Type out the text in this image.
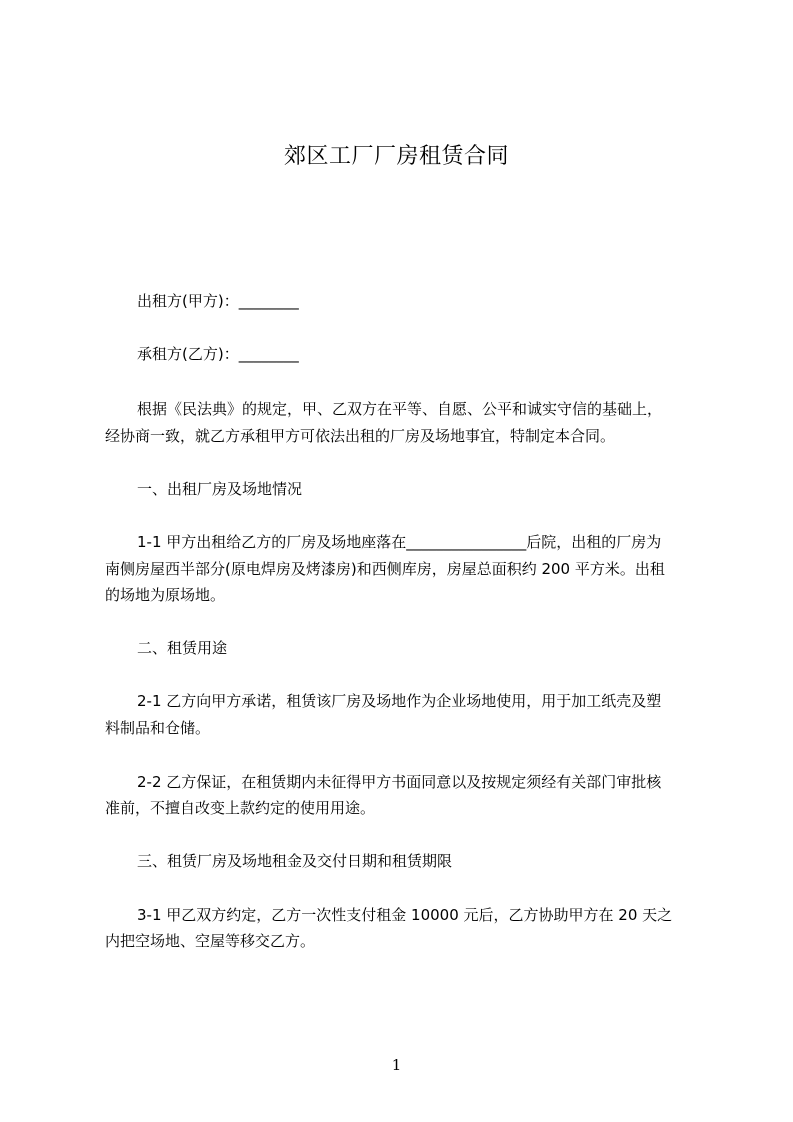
郊区工厂厂房租赁合同
出租方(甲方)：________
承租方(乙方)：________
根据《民法典》的规定，甲、乙双方在平等、自愿、公平和诚实守信的基础上，
经协商一致，就乙方承租甲方可依法出租的厂房及场地事宜，特制定本合同。
一、出租厂房及场地情况
1-1 甲方出租给乙方的厂房及场地座落在________________后院，出租的厂房为
南侧房屋西半部分(原电焊房及烤漆房)和西侧库房，房屋总面积约 200 平方米。出租
的场地为原场地。
二、租赁用途
2-1 乙方向甲方承诺，租赁该厂房及场地作为企业场地使用，用于加工纸壳及塑
料制品和仓储。
2-2 乙方保证，在租赁期内未征得甲方书面同意以及按规定须经有关部门审批核
准前，不擅自改变上款约定的使用用途。
三、租赁厂房及场地租金及交付日期和租赁期限
3-1 甲乙双方约定，乙方一次性支付租金 10000 元后，乙方协助甲方在 20 天之
内把空场地、空屋等移交乙方。
1
